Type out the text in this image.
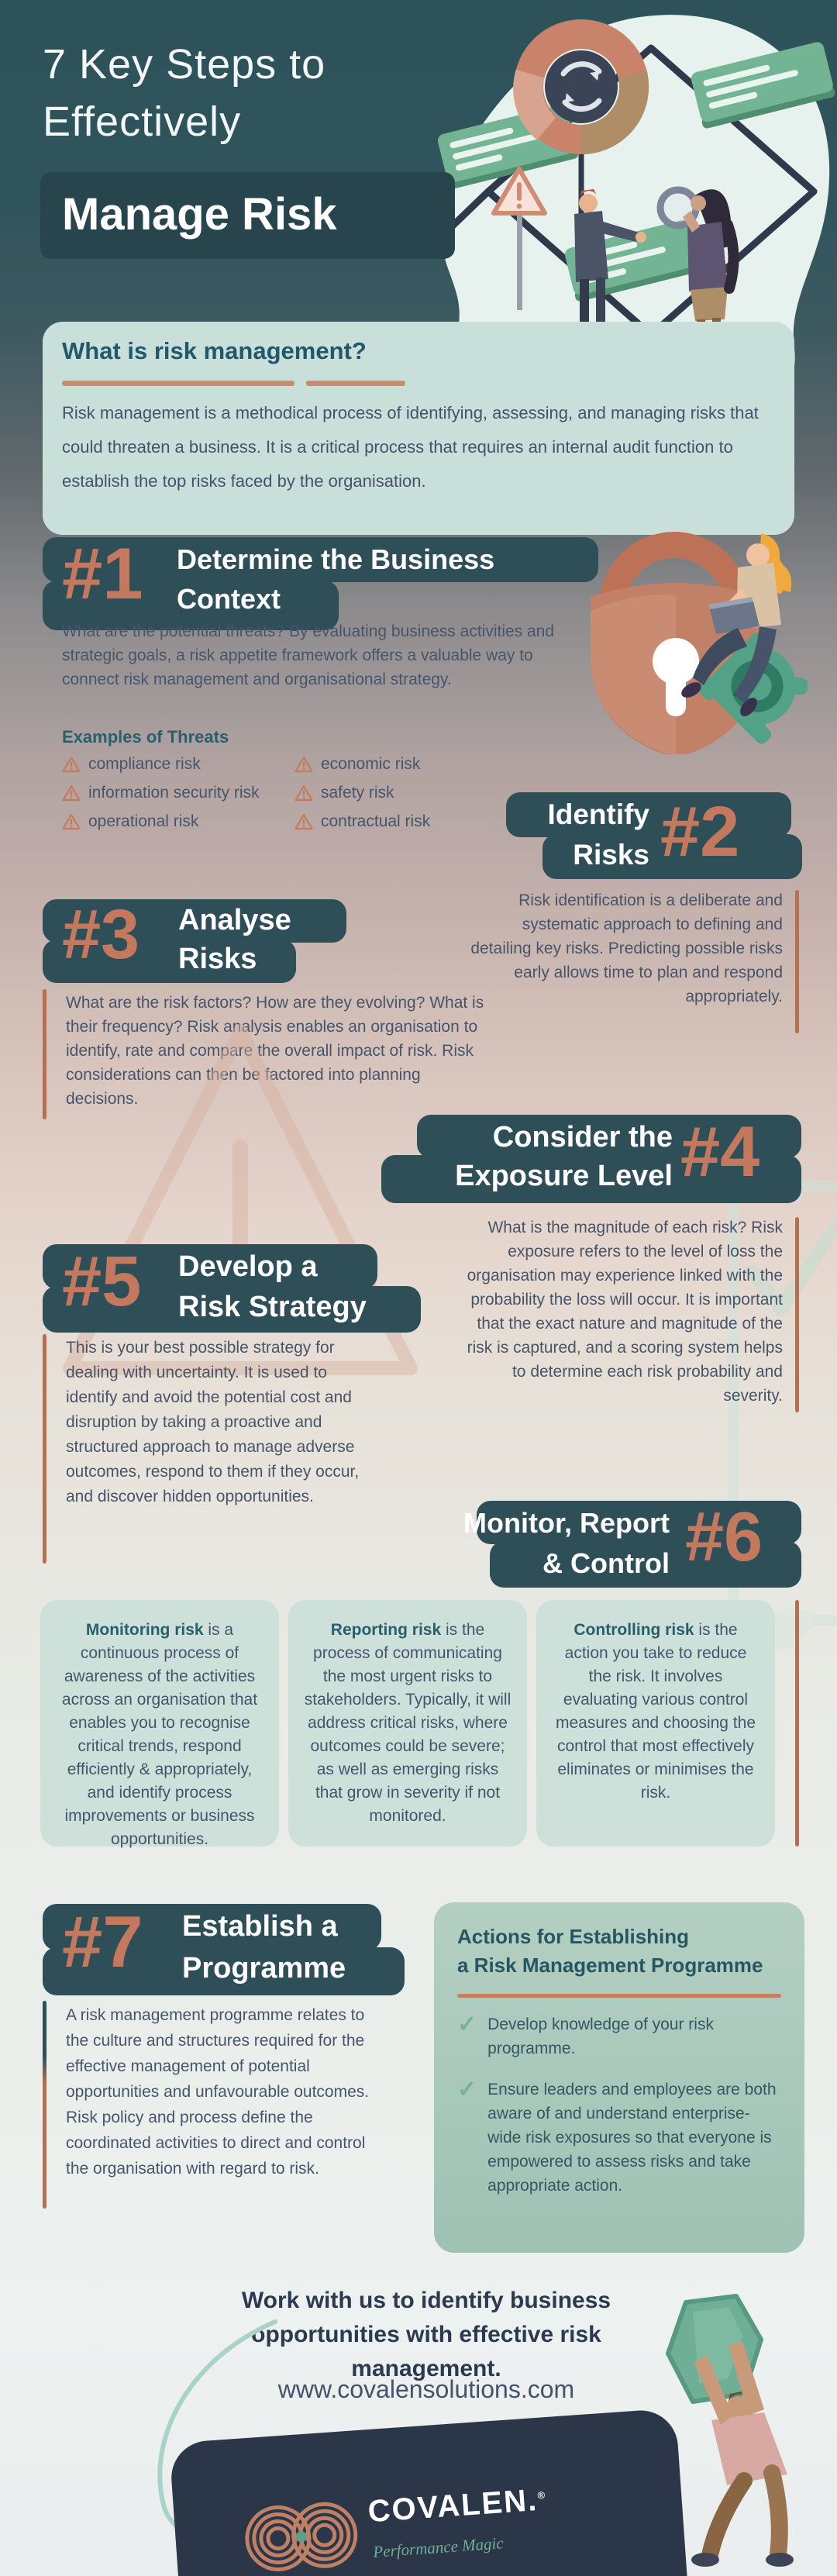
7 Key Steps to
Effectively
Manage Risk
What is risk management?

Risk management is a methodical process of identifying, assessing, and managing risks that could threaten a business. It is a critical process that requires an internal audit function to establish the top risks faced by the organisation.

#1 Determine the Business
Context
What are the potential threats? By evaluating business activities and strategic goals, a risk appetite framework offers a valuable way to connect risk management and organisational strategy.
Examples of Threats
compliance risk	economic risk
information security risk	safety risk
operational risk	contractual risk	#2
Identify
Risks
Risk identification is a deliberate and systematic approach to defining and detailing key risks. Predicting possible risks early allows time to plan and respond appropriately.
#3 Analyse
Risks
What are the risk factors? How are they evolving? What is their frequency? Risk analysis enables an organisation to identify, rate and compare the overall impact of risk. Risk considerations can then be factored into planning decisions.
#4
Consider the
Exposure Level
What is the magnitude of each risk? Risk exposure refers to the level of loss the organisation may experience linked with the probability the loss will occur. It is important that the exact nature and magnitude of the risk is captured, and a scoring system helps to determine each risk probability and severity.
#5 Develop a
Risk Strategy
This is your best possible strategy for dealing with uncertainty. It is used to identify and avoid the potential cost and disruption by taking a proactive and structured approach to manage adverse outcomes, respond to them if they occur, and discover hidden opportunities.
#6
Monitor, Report
& Control
Monitoring risk is a continuous process of awareness of the activities across an organisation that enables you to recognise critical trends, respond efficiently & appropriately, and identify process improvements or business opportunities.
Reporting risk is the process of communicating the most urgent risks to stakeholders. Typically, it will address critical risks, where outcomes could be severe; as well as emerging risks that grow in severity if not monitored.
Controlling risk is the action you take to reduce the risk. It involves evaluating various control measures and choosing the control that most effectively eliminates or minimises the risk.
#7 Establish a
Programme
A risk management programme relates to the culture and structures required for the effective management of potential opportunities and unfavourable outcomes. Risk policy and process define the coordinated activities to direct and control the organisation with regard to risk.
Actions for Establishing
a Risk Management Programme
✓ Develop knowledge of your risk programme.
✓ Ensure leaders and employees are both aware of and understand enterprise-wide risk exposures so that everyone is empowered to assess risks and take appropriate action.
Work with us to identify business opportunities with effective risk management.
www.covalensolutions.com
COVALEN.®
Performance Magic
